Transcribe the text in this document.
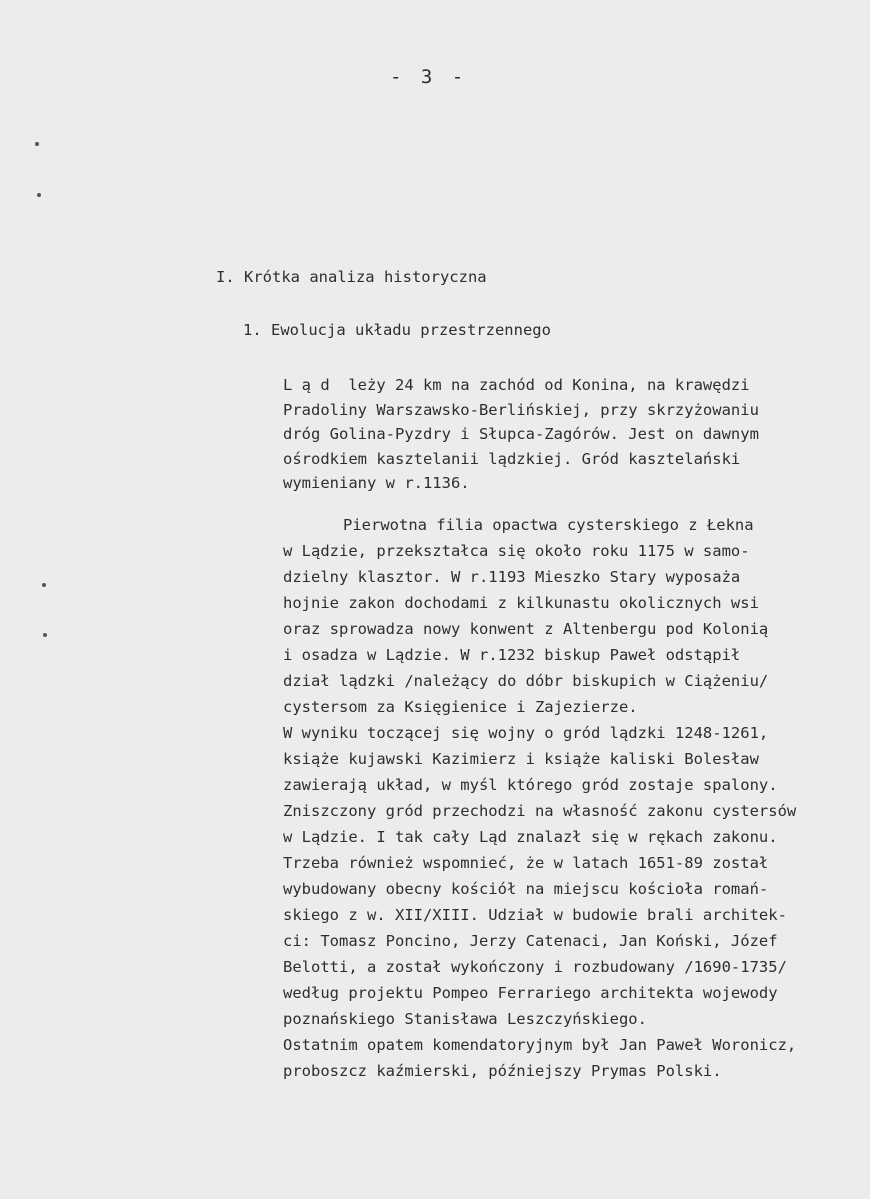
- 3 -
I. Krótka analiza historyczna
1. Ewolucja układu przestrzennego
L ą d  leży 24 km na zachód od Konina, na krawędzi
Pradoliny Warszawsko-Berlińskiej, przy skrzyżowaniu
dróg Golina-Pyzdry i Słupca-Zagórów. Jest on dawnym
ośrodkiem kasztelanii lądzkiej. Gród kasztelański
wymieniany w r.1136.
Pierwotna filia opactwa cysterskiego z Łekna
w Lądzie, przekształca się około roku 1175 w samo-
dzielny klasztor. W r.1193 Mieszko Stary wyposaża
hojnie zakon dochodami z kilkunastu okolicznych wsi
oraz sprowadza nowy konwent z Altenbergu pod Kolonią
i osadza w Lądzie. W r.1232 biskup Paweł odstąpił
dział lądzki /należący do dóbr biskupich w Ciążeniu/
cystersom za Księgienice i Zajezierze.
W wyniku toczącej się wojny o gród lądzki 1248-1261,
książe kujawski Kazimierz i książe kaliski Bolesław
zawierają układ, w myśl którego gród zostaje spalony.
Zniszczony gród przechodzi na własność zakonu cystersów
w Lądzie. I tak cały Ląd znalazł się w rękach zakonu.
Trzeba również wspomnieć, że w latach 1651-89 został
wybudowany obecny kościół na miejscu kościoła romań-
skiego z w. XII/XIII. Udział w budowie brali architek-
ci: Tomasz Poncino, Jerzy Catenaci, Jan Koński, Józef
Belotti, a został wykończony i rozbudowany /1690-1735/
według projektu Pompeo Ferrariego architekta wojewody
poznańskiego Stanisława Leszczyńskiego.
Ostatnim opatem komendatoryjnym był Jan Paweł Woronicz,
proboszcz kaźmierski, późniejszy Prymas Polski.
